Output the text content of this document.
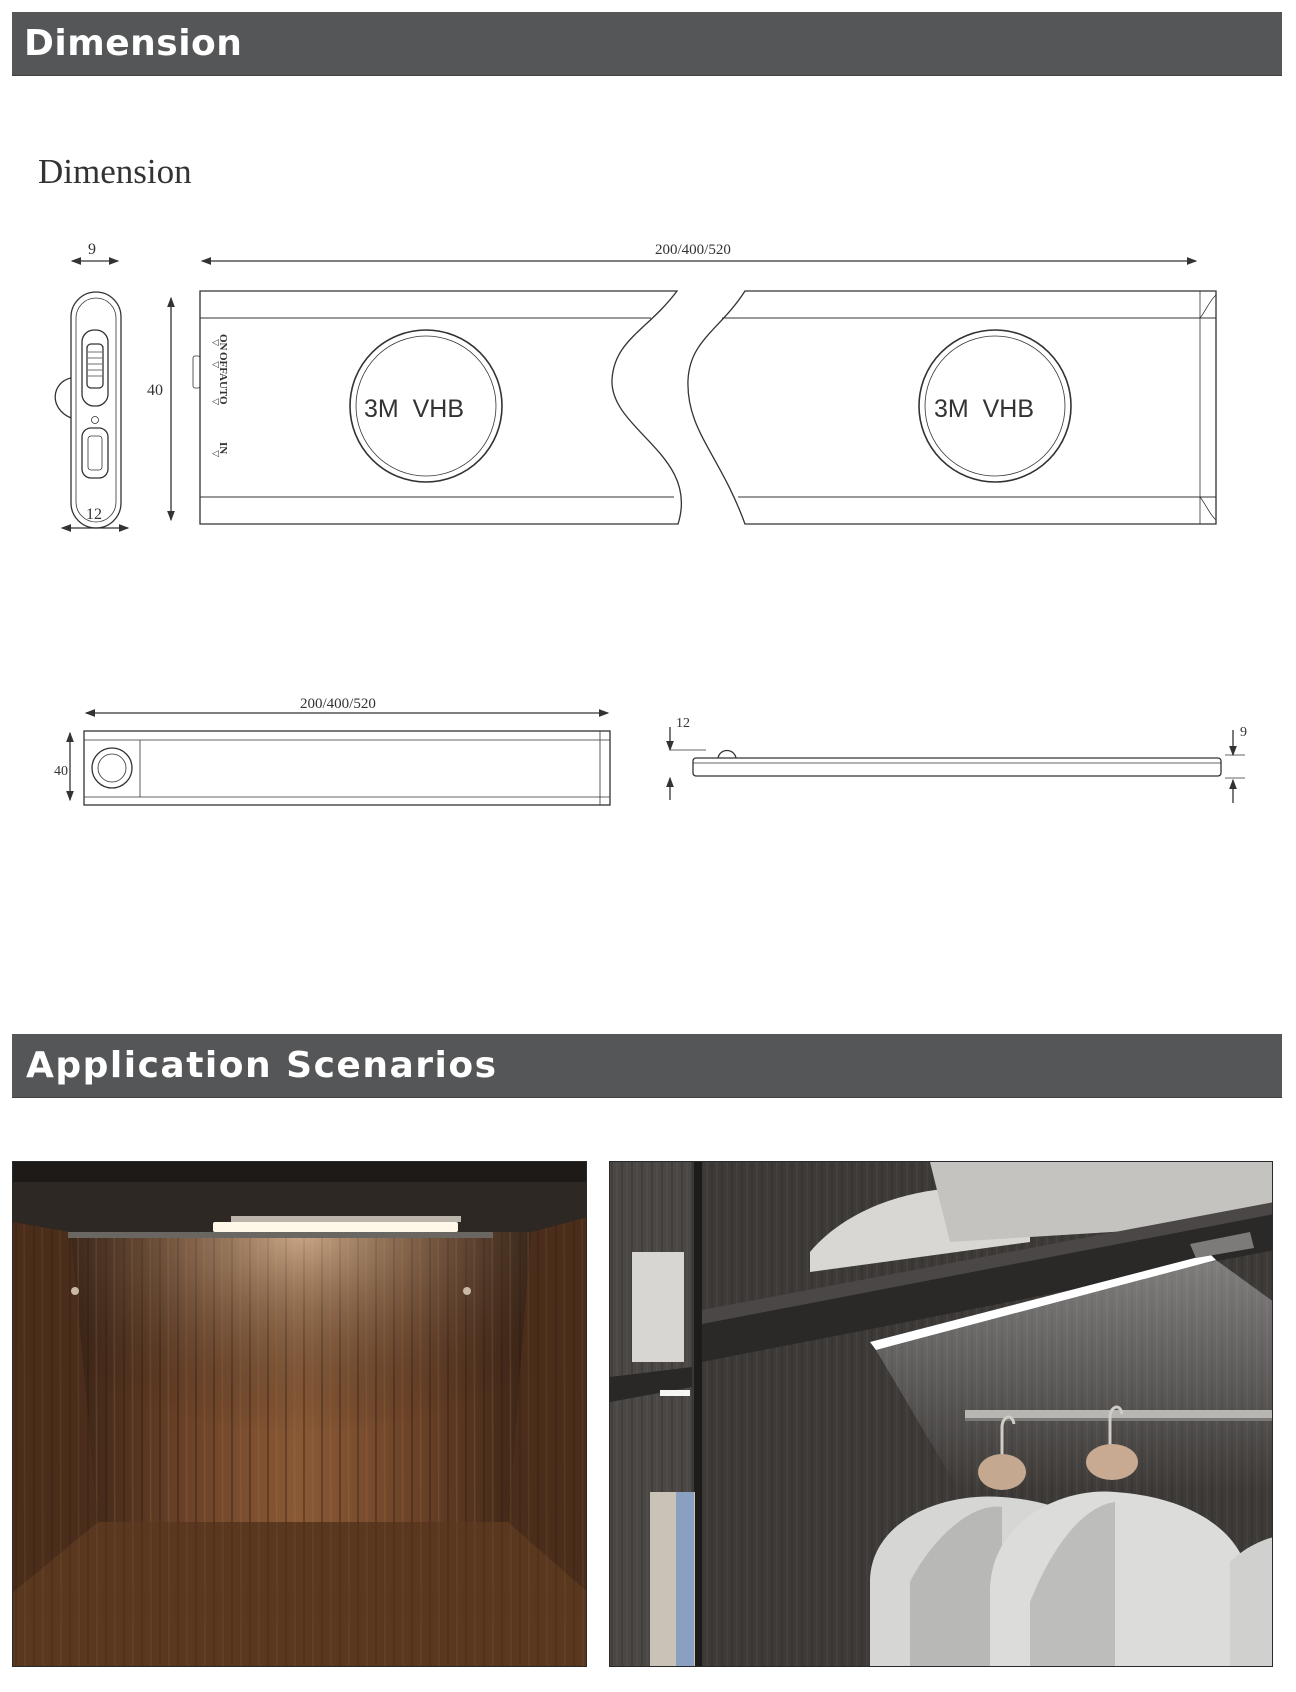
Dimension
Dimension
9
12
40
200/400/520
3M  VHB	3M  VHB
ON
OFF
AUTO
IN
◁
◁
◁
◁
200/400/520
40
12
9
Application Scenarios
